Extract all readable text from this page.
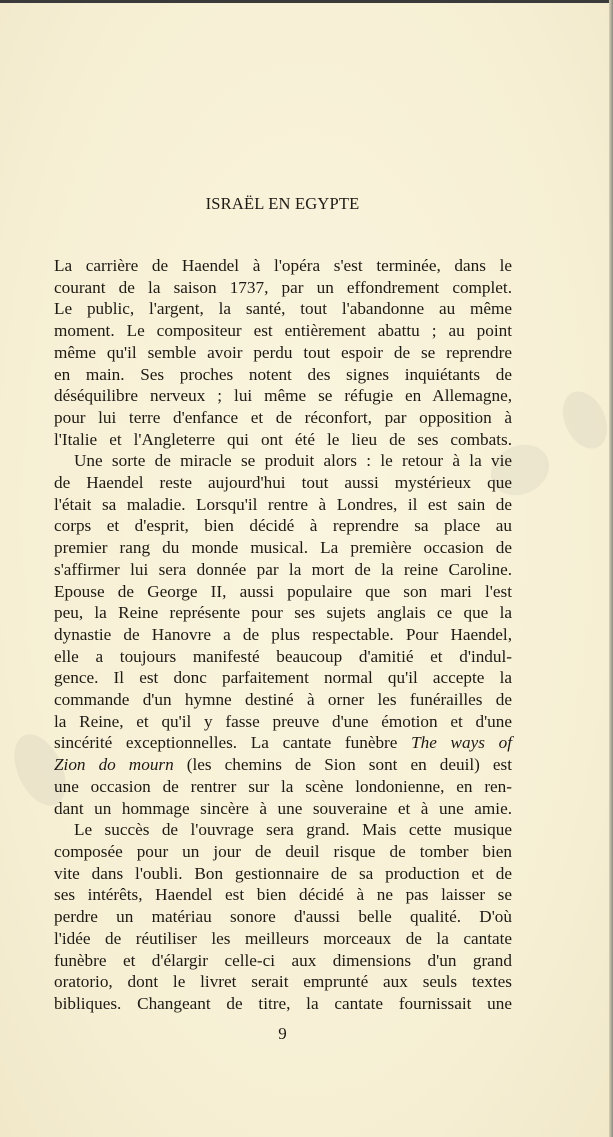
​
ISRAËL EN EGYPTE

La carrière de Haendel à l'opéra s'est terminée, dans le

courant de la saison 1737, par un effondrement complet.

Le public, l'argent, la santé, tout l'abandonne au même

moment. Le compositeur est entièrement abattu ; au point

même qu'il semble avoir perdu tout espoir de se reprendre

en main. Ses proches notent des signes inquiétants de

déséquilibre nerveux ; lui même se réfugie en Allemagne,

pour lui terre d'enfance et de réconfort, par opposition à

l'Italie et l'Angleterre qui ont été le lieu de ses combats.

Une sorte de miracle se produit alors : le retour à la vie

de Haendel reste aujourd'hui tout aussi mystérieux que

l'était sa maladie. Lorsqu'il rentre à Londres, il est sain de

corps et d'esprit, bien décidé à reprendre sa place au

premier rang du monde musical. La première occasion de

s'affirmer lui sera donnée par la mort de la reine Caroline.

Epouse de George II, aussi populaire que son mari l'est

peu, la Reine représente pour ses sujets anglais ce que la

dynastie de Hanovre a de plus respectable. Pour Haendel,

elle a toujours manifesté beaucoup d'amitié et d'indul-

gence. Il est donc parfaitement normal qu'il accepte la

commande d'un hymne destiné à orner les funérailles de

la Reine, et qu'il y fasse preuve d'une émotion et d'une

sincérité exceptionnelles. La cantate funèbre The ways of

Zion do mourn (les chemins de Sion sont en deuil) est

une occasion de rentrer sur la scène londonienne, en ren-

dant un hommage sincère à une souveraine et à une amie.

Le succès de l'ouvrage sera grand. Mais cette musique

composée pour un jour de deuil risque de tomber bien

vite dans l'oubli. Bon gestionnaire de sa production et de

ses intérêts, Haendel est bien décidé à ne pas laisser se

perdre un matériau sonore d'aussi belle qualité. D'où

l'idée de réutiliser les meilleurs morceaux de la cantate

funèbre et d'élargir celle-ci aux dimensions d'un grand

oratorio, dont le livret serait emprunté aux seuls textes

bibliques. Changeant de titre, la cantate fournissait une

9
